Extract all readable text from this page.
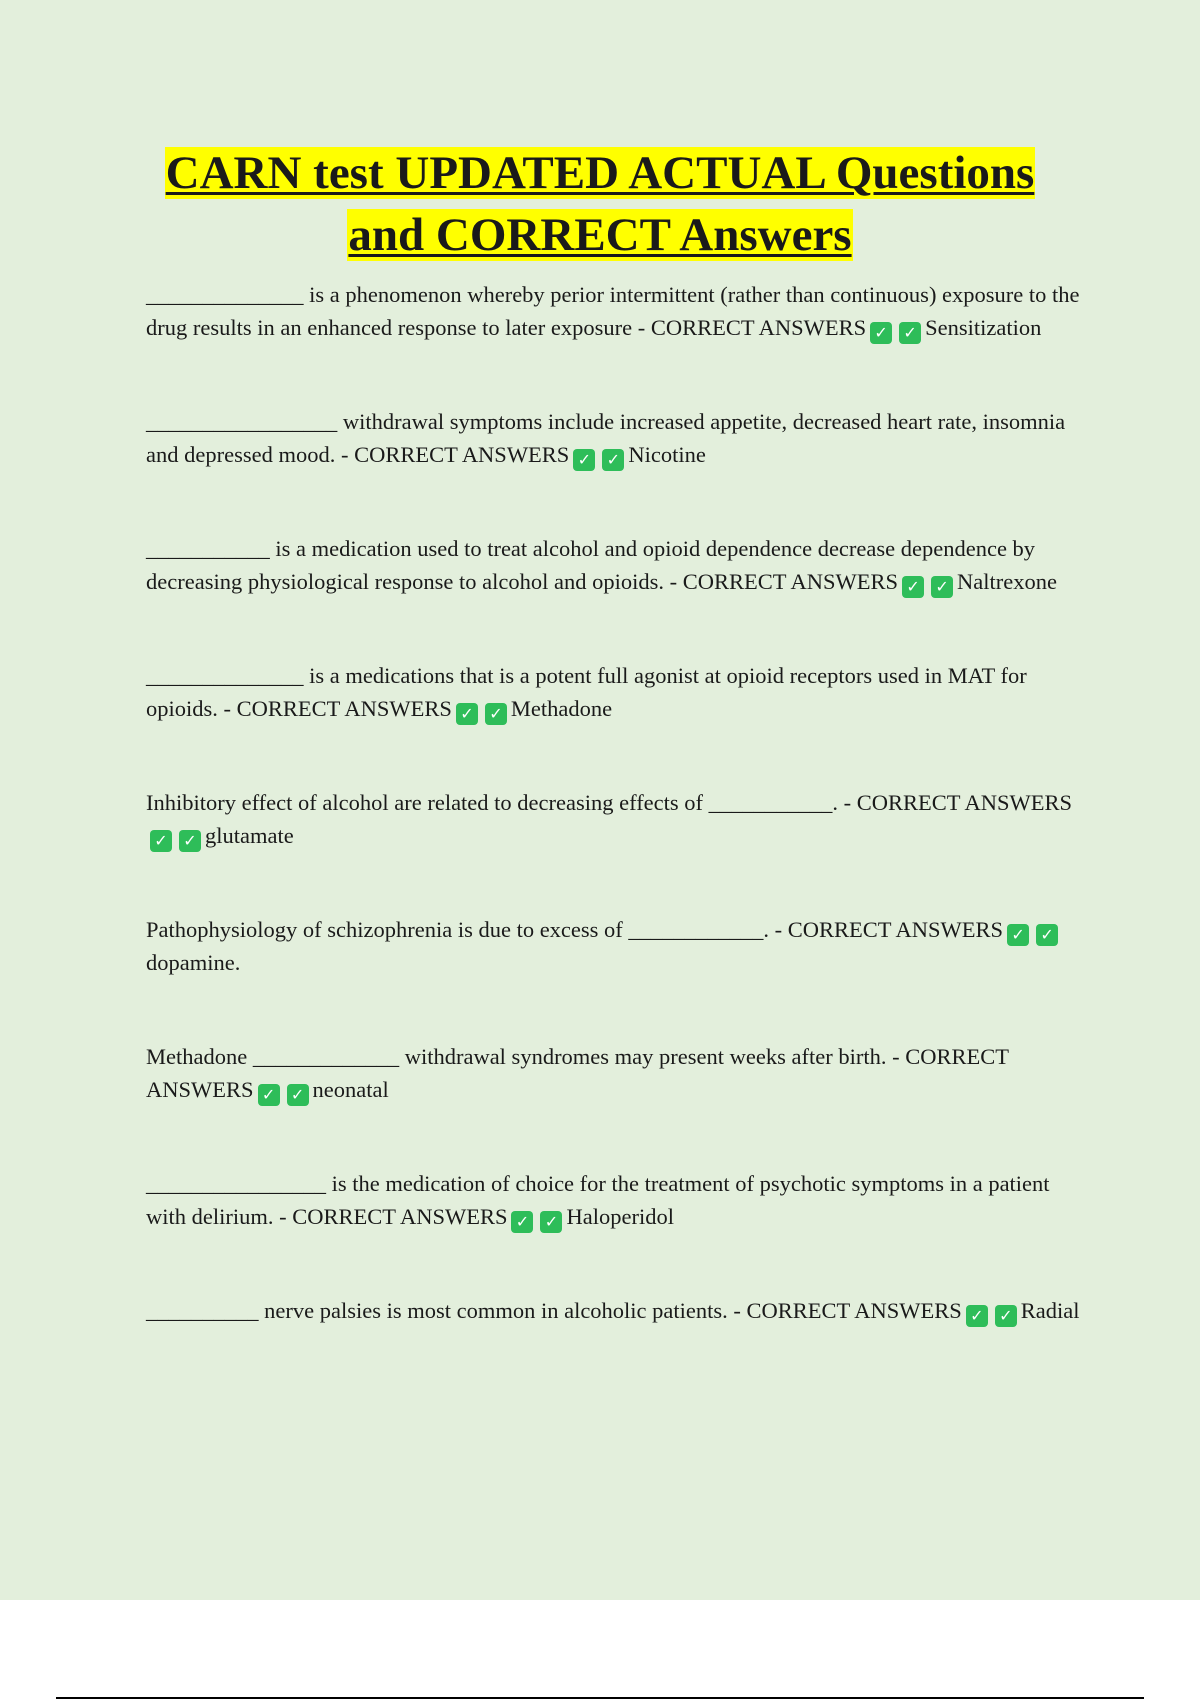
CARN test UPDATED ACTUAL Questions
and CORRECT Answers
______________ is a phenomenon whereby perior intermittent (rather than continuous) exposure to the drug results in an enhanced response to later exposure - CORRECT ANSWERS ✓ ✓ Sensitization
_________________ withdrawal symptoms include increased appetite, decreased heart rate, insomnia and depressed mood. - CORRECT ANSWERS ✓ ✓ Nicotine
___________ is a medication used to treat alcohol and opioid dependence decrease dependence by decreasing physiological response to alcohol and opioids. - CORRECT ANSWERS ✓ ✓ Naltrexone
______________ is a medications that is a potent full agonist at opioid receptors used in MAT for opioids. - CORRECT ANSWERS ✓ ✓ Methadone
Inhibitory effect of alcohol are related to decreasing effects of ___________. - CORRECT ANSWERS✓ ✓ glutamate
Pathophysiology of schizophrenia is due to excess of ____________. - CORRECT ANSWERS ✓ ✓dopamine.
Methadone _____________ withdrawal syndromes may present weeks after birth. - CORRECT ANSWERS ✓ ✓ neonatal
________________ is the medication of choice for the treatment of psychotic symptoms in a patient with delirium. - CORRECT ANSWERS ✓ ✓ Haloperidol
__________ nerve palsies is most common in alcoholic patients. - CORRECT ANSWERS ✓ ✓ Radial
